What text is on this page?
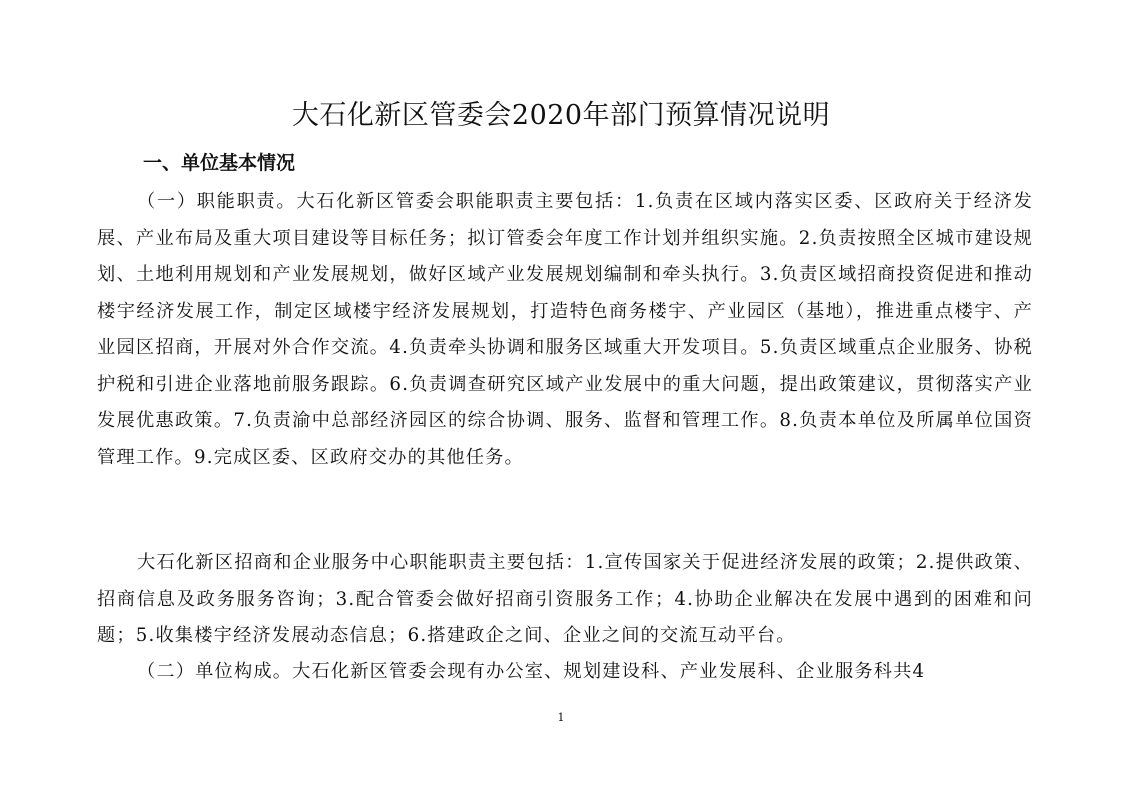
大石化新区管委会2020年部门预算情况说明
一、单位基本情况

（一）职能职责。大石化新区管委会职能职责主要包括：1.负责在区域内落实区委、区政府关于经济发展、产业布局及重大项目建设等目标任务；拟订管委会年度工作计划并组织实施。2.负责按照全区城市建设规划、土地利用规划和产业发展规划，做好区域产业发展规划编制和牵头执行。3.负责区域招商投资促进和推动楼宇经济发展工作，制定区域楼宇经济发展规划，打造特色商务楼宇、产业园区（基地），推进重点楼宇、产业园区招商，开展对外合作交流。4.负责牵头协调和服务区域重大开发项目。5.负责区域重点企业服务、协税护税和引进企业落地前服务跟踪。6.负责调查研究区域产业发展中的重大问题，提出政策建议，贯彻落实产业发展优惠政策。7.负责渝中总部经济园区的综合协调、服务、监督和管理工作。8.负责本单位及所属单位国资管理工作。9.完成区委、区政府交办的其他任务。

大石化新区招商和企业服务中心职能职责主要包括：1.宣传国家关于促进经济发展的政策；2.提供政策、招商信息及政务服务咨询；3.配合管委会做好招商引资服务工作；4.协助企业解决在发展中遇到的困难和问题；5.收集楼宇经济发展动态信息；6.搭建政企之间、企业之间的交流互动平台。

（二）单位构成。大石化新区管委会现有办公室、规划建设科、产业发展科、企业服务科共4

1
